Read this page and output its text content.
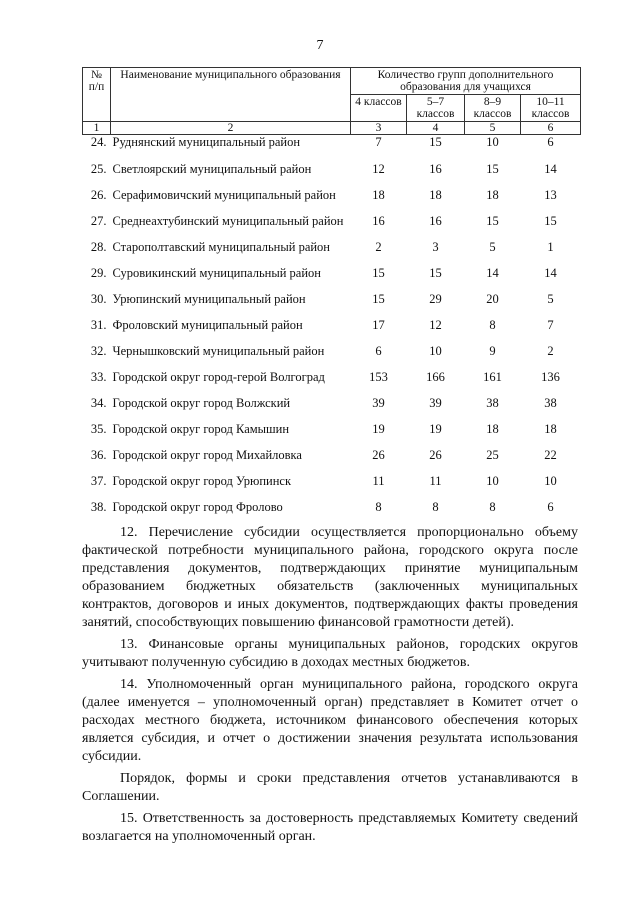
7
№ п/п	Наименование муниципального образования	Количество групп дополнительного образования для учащихся			
		4 классов	5–7 классов	8–9 классов	10–11 классов
1	2	3	4	5	6
24.	Руднянский муниципальный район	7	15	10	6
25.	Светлоярский муниципальный район	12	16	15	14
26.	Серафимовичский муниципальный район	18	18	18	13
27.	Среднеахтубинский муниципальный район	16	16	15	15
28.	Старополтавский муниципальный район	2	3	5	1
29.	Суровикинский муниципальный район	15	15	14	14
30.	Урюпинский муниципальный район	15	29	20	5
31.	Фроловский муниципальный район	17	12	8	7
32.	Чернышковский муниципальный район	6	10	9	2
33.	Городской округ город-герой Волгоград	153	166	161	136
34.	Городской округ город Волжский	39	39	38	38
35.	Городской округ город Камышин	19	19	18	18
36.	Городской округ город Михайловка	26	26	25	22
37.	Городской округ город Урюпинск	11	11	10	10
38.	Городской округ город Фролово	8	8	8	6

12. Перечисление субсидии осуществляется пропорционально объему фактической потребности муниципального района, городского округа после представления документов, подтверждающих принятие муниципальным образованием бюджетных обязательств (заключенных муниципальных контрактов, договоров и иных документов, подтверждающих факты проведения занятий, способствующих повышению финансовой грамотности детей).

13. Финансовые органы муниципальных районов, городских округов учитывают полученную субсидию в доходах местных бюджетов.

14. Уполномоченный орган муниципального района, городского округа (далее именуется – уполномоченный орган) представляет в Комитет отчет о расходах местного бюджета, источником финансового обеспечения которых является субсидия, и отчет о достижении значения результата использования субсидии.

Порядок, формы и сроки представления отчетов устанавливаются в Соглашении.

15. Ответственность за достоверность представляемых Комитету сведений возлагается на уполномоченный орган.
